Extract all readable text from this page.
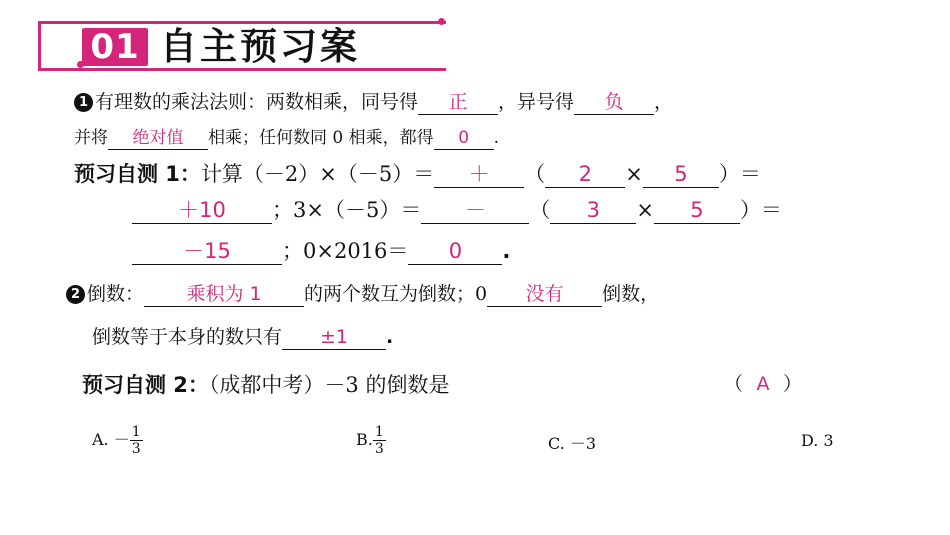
01 自主预习案
1 有理数的乘法法则：两数相乘，同号得 正 ，异号得 负 ，
并将 绝对值 相乘；任何数同 0 相乘，都得 0 .
预习自测 1：计算（－2）×（－5）＝ ＋ （ 2 × 5 ）＝
＋10 ；3×（－5）＝ － （ 3 × 5 ）＝
－15 ；0×2016＝ 0 .
2 倒数： 乘积为 1 的两个数互为倒数；0 没有 倒数，
倒数等于本身的数只有 ±1 .
预习自测 2：（成都中考）－3 的倒数是	（ A ）
A. － $\frac{1}{3}$	B. $\frac{1}{3}$	C. －3	D. 3
